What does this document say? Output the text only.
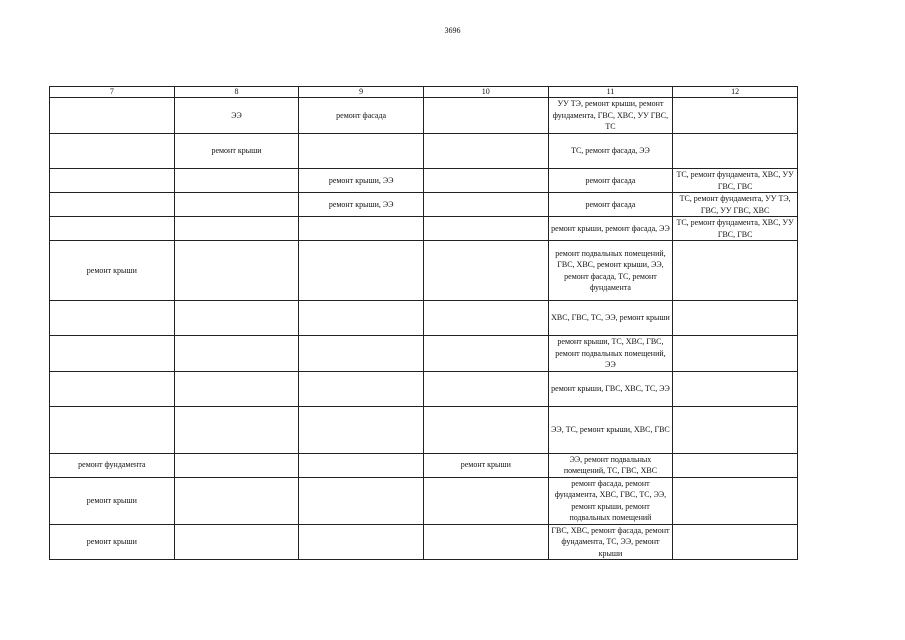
3696
7	8	9	10	11	12
	ЭЭ	ремонт фасада		УУ ТЭ, ремонт крыши, ремонт фундамента, ГВС, ХВС, УУ ГВС, ТС	
	ремонт крыши			ТС, ремонт фасада, ЭЭ	
		ремонт крыши, ЭЭ		ремонт фасада	ТС, ремонт фундамента, ХВС, УУ ГВС, ГВС
		ремонт крыши, ЭЭ		ремонт фасада	ТС, ремонт фундамента, УУ ТЭ, ГВС, УУ ГВС, ХВС
				ремонт крыши, ремонт фасада, ЭЭ	ТС, ремонт фундамента, ХВС, УУ ГВС, ГВС
ремонт крыши				ремонт подвальных помещений, ГВС, ХВС, ремонт крыши, ЭЭ, ремонт фасада, ТС, ремонт фундамента	
				ХВС, ГВС, ТС, ЭЭ, ремонт крыши	
				ремонт крыши, ТС, ХВС, ГВС, ремонт подвальных помещений, ЭЭ	
				ремонт крыши, ГВС, ХВС, ТС, ЭЭ	
				ЭЭ, ТС, ремонт крыши, ХВС, ГВС	
ремонт фундамента			ремонт крыши	ЭЭ, ремонт подвальных помещений, ТС, ГВС, ХВС	
ремонт крыши				ремонт фасада, ремонт фундамента, ХВС, ГВС, ТС, ЭЭ, ремонт крыши, ремонт подвальных помещений	
ремонт крыши				ГВС, ХВС, ремонт фасада, ремонт фундамента, ТС, ЭЭ, ремонт крыши	
